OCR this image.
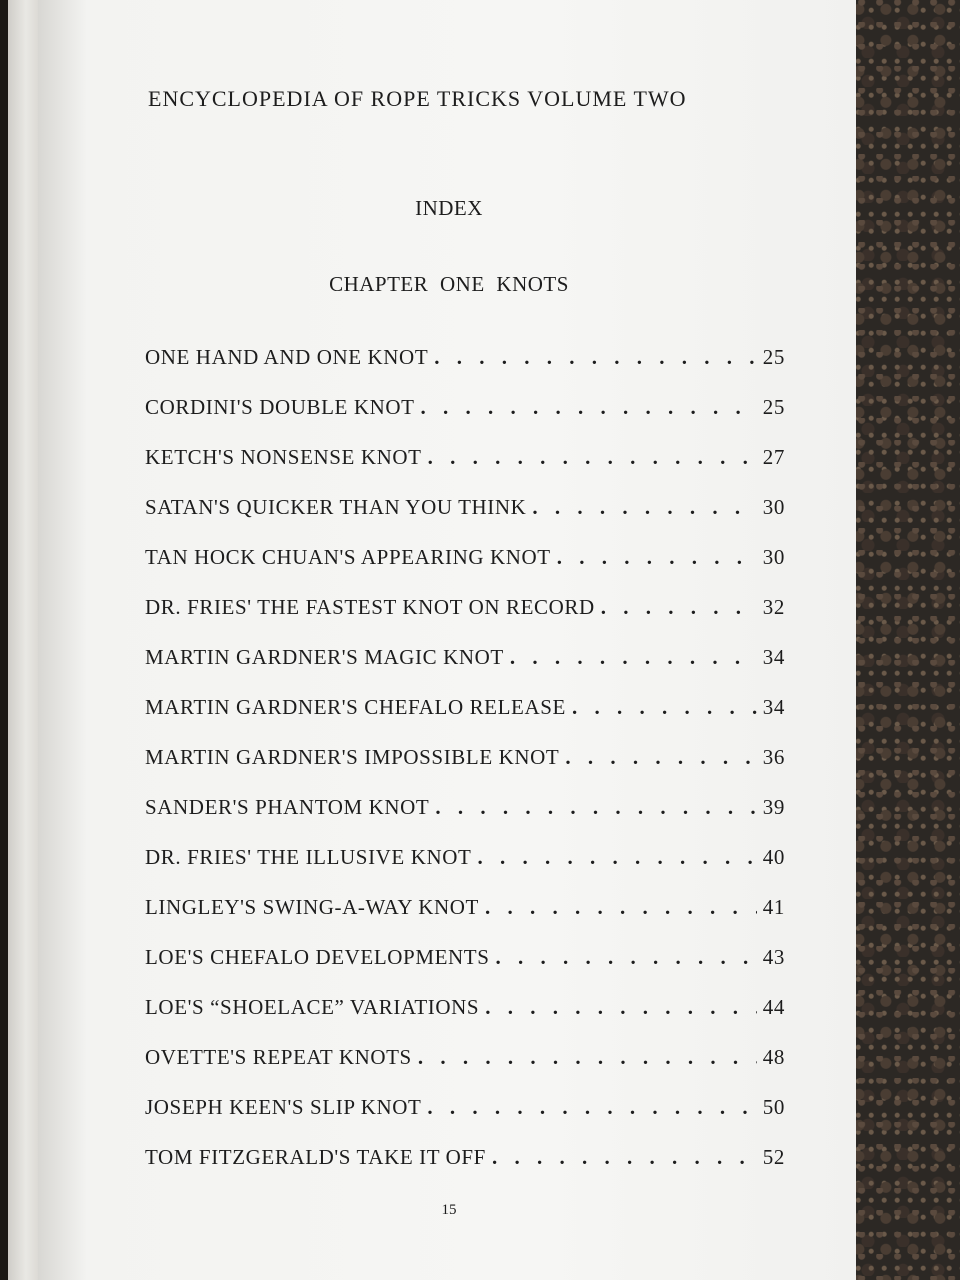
ENCYCLOPEDIA OF ROPE TRICKS VOLUME TWO
INDEX
CHAPTER ONE KNOTS
ONE HAND AND ONE KNOT . . .	25
CORDINI'S DOUBLE KNOT . . .	25
KETCH'S NONSENSE KNOT . . .	27
SATAN'S QUICKER THAN YOU THINK . . .	30
TAN HOCK CHUAN'S APPEARING KNOT . . .	30
DR. FRIES' THE FASTEST KNOT ON RECORD . . .	32
MARTIN GARDNER'S MAGIC KNOT . . .	34
MARTIN GARDNER'S CHEFALO RELEASE . . .	34
MARTIN GARDNER'S IMPOSSIBLE KNOT . . .	36
SANDER'S PHANTOM KNOT . . .	39
DR. FRIES' THE ILLUSIVE KNOT . . .	40
LINGLEY'S SWING-A-WAY KNOT . . .	41
LOE'S CHEFALO DEVELOPMENTS . . .	43
LOE'S “SHOELACE” VARIATIONS . . .	44
OVETTE'S REPEAT KNOTS . . .	48
JOSEPH KEEN'S SLIP KNOT . . .	50
TOM FITZGERALD'S TAKE IT OFF . . .	52
15
